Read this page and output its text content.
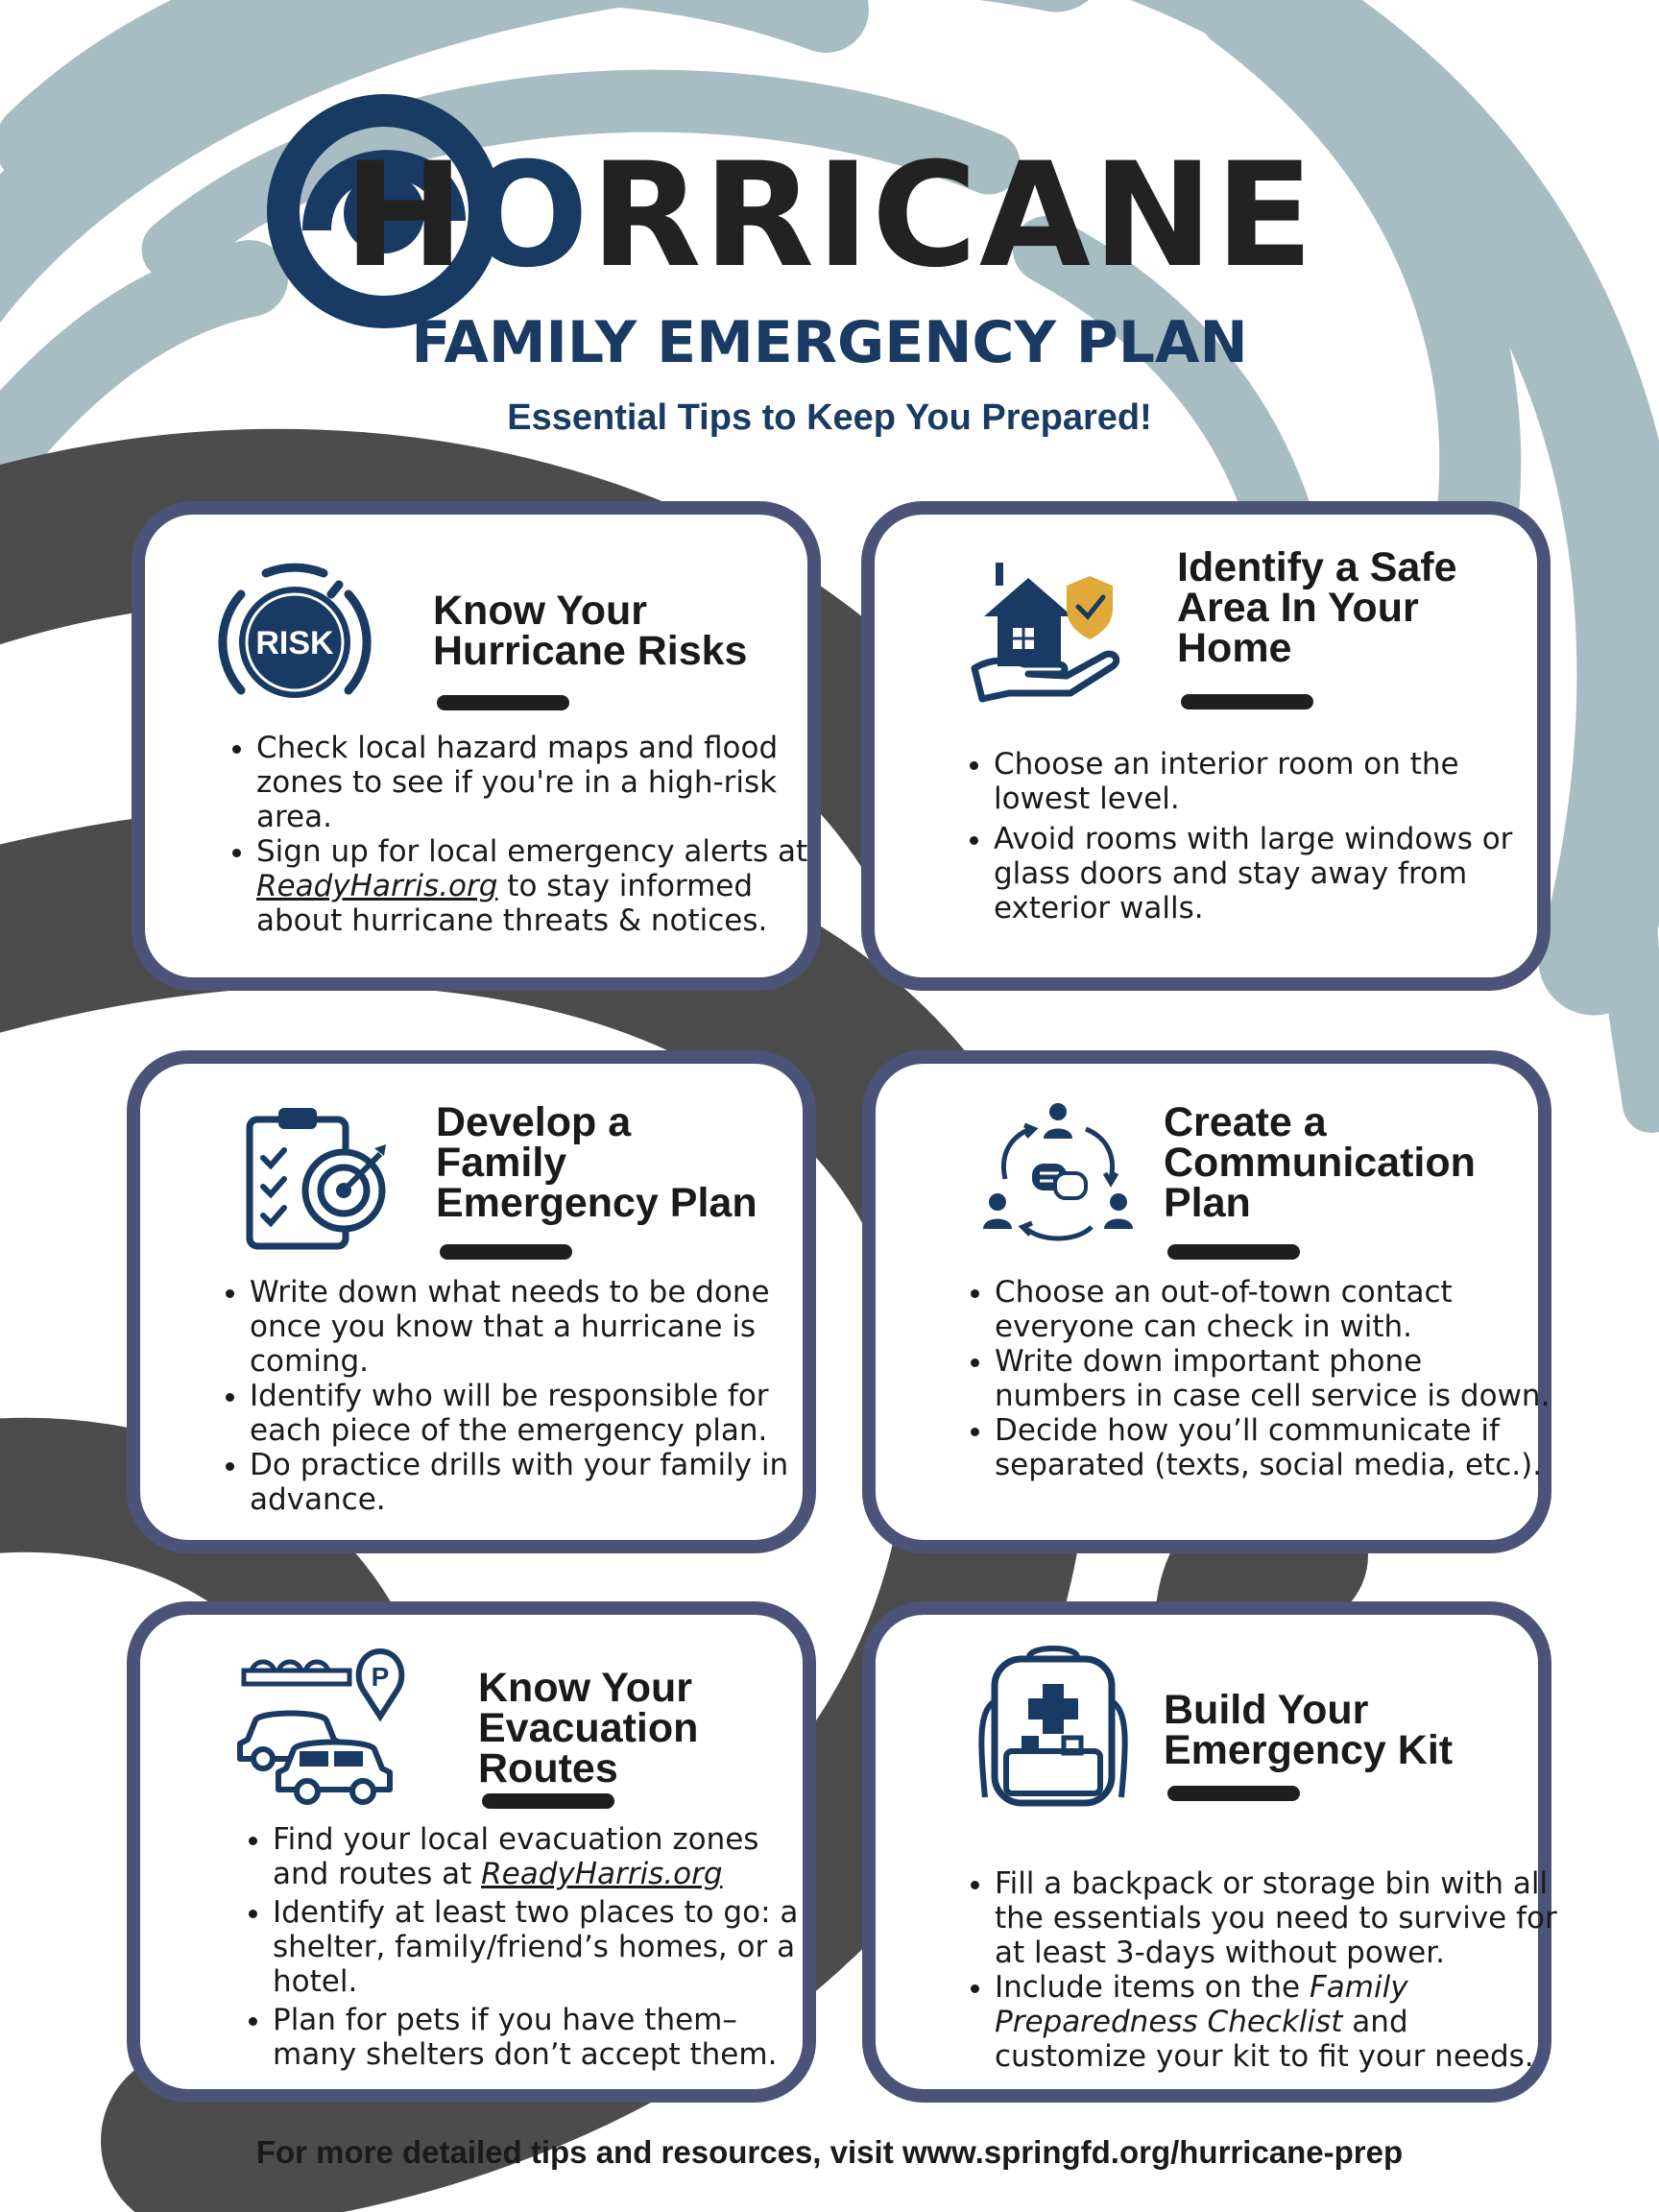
HORRICANE
FAMILY EMERGENCY PLAN
Essential Tips to Keep You Prepared!
RISK
Know Your
Hurricane Risks
• Check local hazard maps and flood zones to see if you're in a high-risk area.
• Sign up for local emergency alerts at ReadyHarris.org to stay informed about hurricane threats & notices.
Identify a Safe
Area In Your
Home
• Choose an interior room on the lowest level.
• Avoid rooms with large windows or glass doors and stay away from exterior walls.
Develop a
Family
Emergency Plan
• Write down what needs to be done once you know that a hurricane is coming.
• Identify who will be responsible for each piece of the emergency plan.
• Do practice drills with your family in advance.
Create a
Communication
Plan
• Choose an out-of-town contact everyone can check in with.
• Write down important phone numbers in case cell service is down.
• Decide how you’ll communicate if separated (texts, social media, etc.).
P Know Your
Evacuation
Routes
• Find your local evacuation zones and routes at ReadyHarris.org
• Identify at least two places to go: a shelter, family/friend’s homes, or a hotel.
• Plan for pets if you have them–many shelters don’t accept them.
Build Your
Emergency Kit
• Fill a backpack or storage bin with all the essentials you need to survive for at least 3-days without power.
• Include items on the Family Preparedness Checklist and customize your kit to fit your needs.
For more detailed tips and resources, visit www.springfd.org/hurricane-prep
